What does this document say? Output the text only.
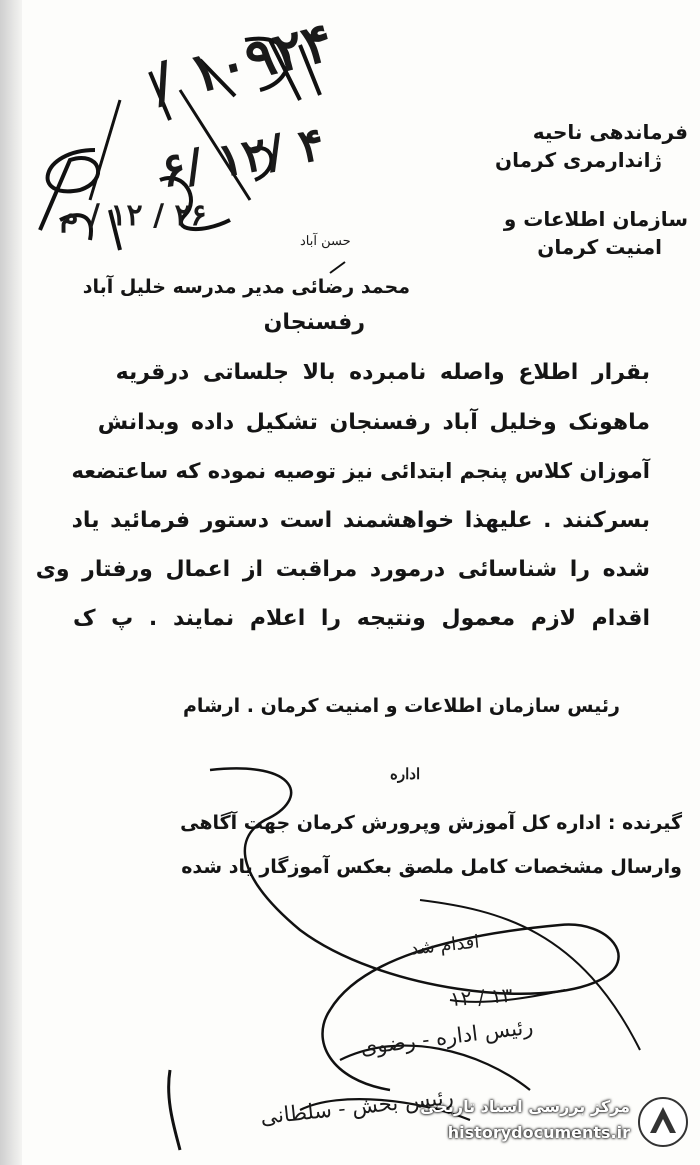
۱۰۹۲۴ /
۴ /۱۲ /۶
۲۶ / ۱۲ / م
حسن آباد
فرماندهی ناحیه
ژاندارمری کرمان
سازمان اطلاعات و
امنیت کرمان
محمد رضائی مدیر مدرسه خلیل آباد
رفسنجان
بقرار اطلاع واصله نامبرده بالا جلساتی درقریه
ماهونک وخلیل آباد رفسنجان تشکیل داده وبدانش
آموزان کلاس پنجم ابتدائی نیز توصیه نموده که ساعتضعه
بسرکنند . علیهذا خواهشمند است دستور فرمائید یاد
شده را شناسائی درمورد مراقبت از اعمال ورفتار وی
اقدام لازم معمول ونتیجه را اعلام نمایند . پ ک
رئیس سازمان اطلاعات و امنیت کرمان . ارشام
اداره
گیرنده : اداره کل آموزش وپرورش کرمان جهت آگاهی
وارسال مشخصات کامل ملصق بعکس آموزگار یاد شده
اقدام شد
۱۳ / ۱۲
رئیس اداره - رضوی
رئیس بخش - سلطانی
مرکز بررسی اسناد تاریخی
historydocuments.ir
